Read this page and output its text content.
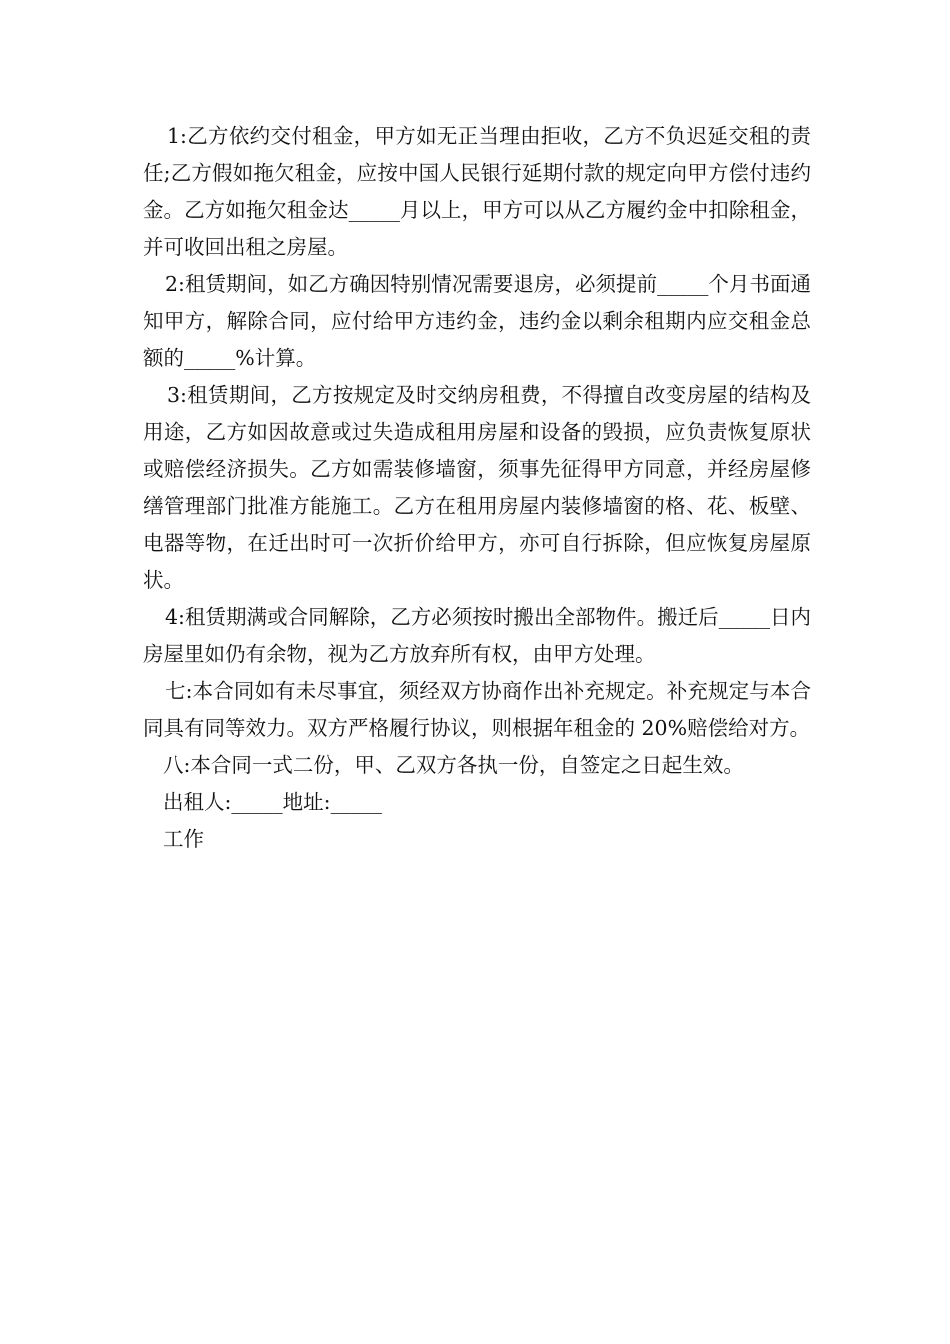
1:乙方依约交付租金，甲方如无正当理由拒收，乙方不负迟延交租的责任;乙方假如拖欠租金，应按中国人民银行延期付款的规定向甲方偿付违约金。乙方如拖欠租金达_____月以上，甲方可以从乙方履约金中扣除租金，并可收回出租之房屋。

2:租赁期间，如乙方确因特别情况需要退房，必须提前_____个月书面通知甲方，解除合同，应付给甲方违约金，违约金以剩余租期内应交租金总额的_____%计算。

3:租赁期间，乙方按规定及时交纳房租费，不得擅自改变房屋的结构及用途，乙方如因故意或过失造成租用房屋和设备的毁损，应负责恢复原状或赔偿经济损失。乙方如需装修墙窗，须事先征得甲方同意，并经房屋修缮管理部门批准方能施工。乙方在租用房屋内装修墙窗的格、花、板壁、电器等物，在迁出时可一次折价给甲方，亦可自行拆除，但应恢复房屋原状。

4:租赁期满或合同解除，乙方必须按时搬出全部物件。搬迁后_____日内房屋里如仍有余物，视为乙方放弃所有权，由甲方处理。

七:本合同如有未尽事宜，须经双方协商作出补充规定。补充规定与本合同具有同等效力。双方严格履行协议，则根据年租金的 20%赔偿给对方。

八:本合同一式二份，甲、乙双方各执一份，自签定之日起生效。

出租人:_____地址:_____

工作
